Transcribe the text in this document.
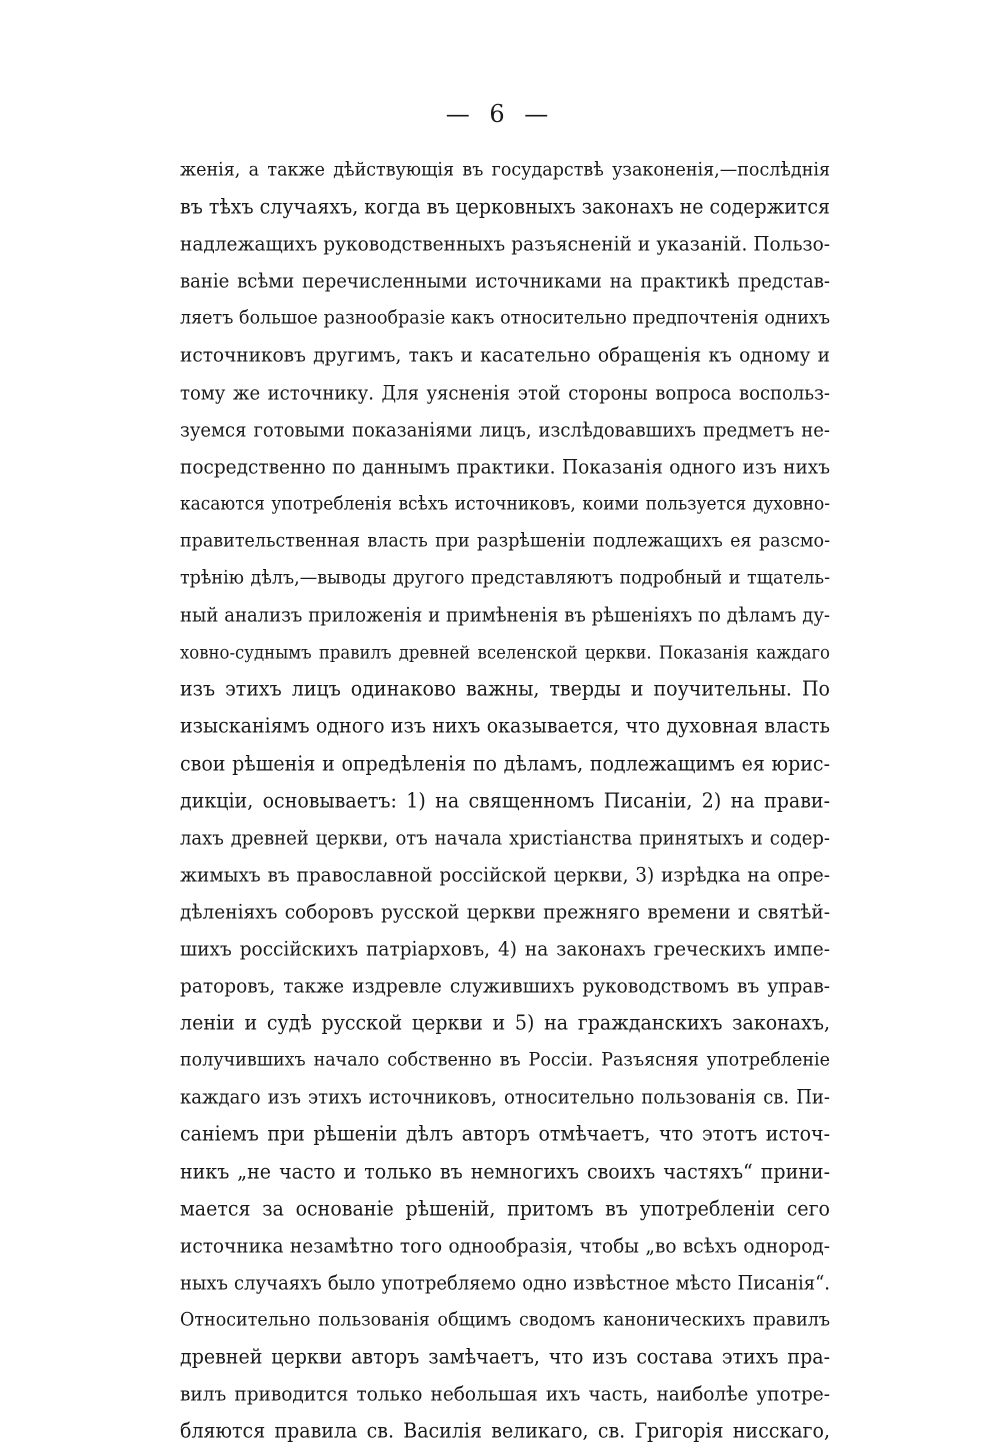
— 6 —
женія, а также дѣйствующія въ государствѣ узаконенія,—послѣднія
въ тѣхъ случаяхъ, когда въ церковныхъ законахъ не содержится
надлежащихъ руководственныхъ разъясненій и указаній. Пользо-
ваніе всѣми перечисленными источниками на практикѣ представ-
ляетъ большое разнообразіе какъ относительно предпочтенія однихъ
источниковъ другимъ, такъ и касательно обращенія къ одному и
тому же источнику. Для уясненія этой стороны вопроса воспольз-
зуемся готовыми показаніями лицъ, изслѣдовавшихъ предметъ не-
посредственно по даннымъ практики. Показанія одного изъ нихъ
касаются употребленія всѣхъ источниковъ, коими пользуется духовно-
правительственная власть при разрѣшеніи подлежащихъ ея разсмо-
трѣнію дѣлъ,—выводы другого представляютъ подробный и тщатель-
ный анализъ приложенія и примѣненія въ рѣшеніяхъ по дѣламъ ду-
ховно-суднымъ правилъ древней вселенской церкви. Показанія каждаго
изъ этихъ лицъ одинаково важны, тверды и поучительны. По
изысканіямъ одного изъ нихъ оказывается, что духовная власть
свои рѣшенія и опредѣленія по дѣламъ, подлежащимъ ея юрис-
дикціи, основываетъ: 1) на священномъ Писаніи, 2) на прави-
лахъ древней церкви, отъ начала христіанства принятыхъ и содер-
жимыхъ въ православной россійской церкви, 3) изрѣдка на опре-
дѣленіяхъ соборовъ русской церкви прежняго времени и святѣй-
шихъ россійскихъ патріарховъ, 4) на законахъ греческихъ импе-
раторовъ, также издревле служившихъ руководствомъ въ управ-
леніи и судѣ русской церкви и 5) на гражданскихъ законахъ,
получившихъ начало собственно въ Россіи. Разъясняя употребленіе
каждаго изъ этихъ источниковъ, относительно пользованія св. Пи-
саніемъ при рѣшеніи дѣлъ авторъ отмѣчаетъ, что этотъ источ-
никъ „не часто и только въ немногихъ своихъ частяхъ“ прини-
мается за основаніе рѣшеній, притомъ въ употребленіи сего
источника незамѣтно того однообразія, чтобы „во всѣхъ однород-
ныхъ случаяхъ было употребляемо одно извѣстное мѣсто Писанія“.
Относительно пользованія общимъ сводомъ каноническихъ правилъ
древней церкви авторъ замѣчаетъ, что изъ состава этихъ пра-
вилъ приводится только небольшая ихъ часть, наиболѣе употре-
бляются правила св. Василія великаго, св. Григорія нисскаго,
